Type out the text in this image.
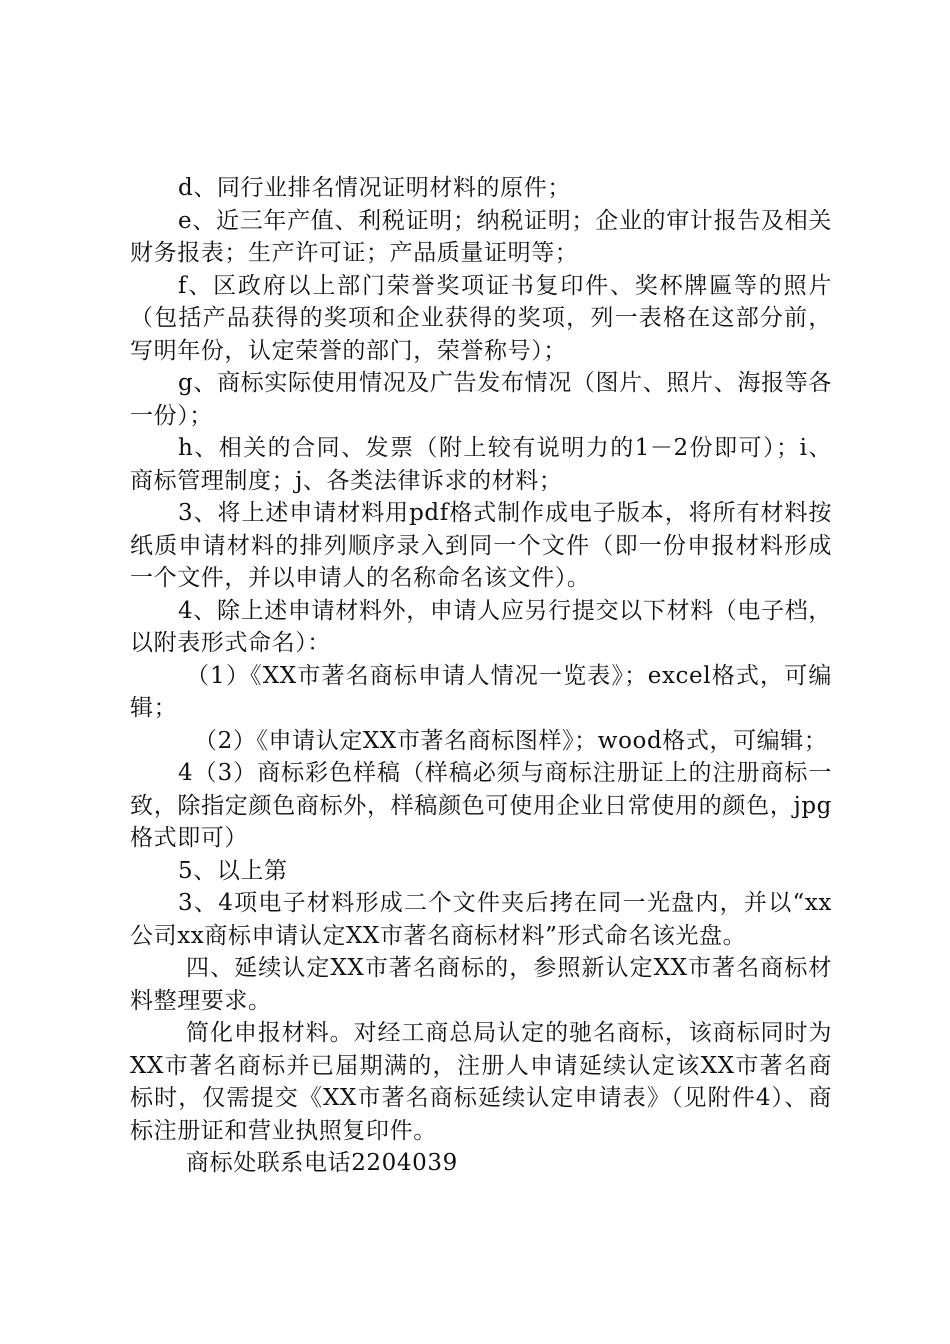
d、同行业排名情况证明材料的原件；

e、近三年产值、利税证明；纳税证明；企业的审计报告及相关财务报表；生产许可证；产品质量证明等；

f、区政府以上部门荣誉奖项证书复印件、奖杯牌匾等的照片（包括产品获得的奖项和企业获得的奖项，列一表格在这部分前，写明年份，认定荣誉的部门，荣誉称号）；

g、商标实际使用情况及广告发布情况（图片、照片、海报等各一份）；

h、相关的合同、发票（附上较有说明力的1－2份即可）；i、商标管理制度；j、各类法律诉求的材料；

3、将上述申请材料用pdf格式制作成电子版本，将所有材料按纸质申请材料的排列顺序录入到同一个文件（即一份申报材料形成一个文件，并以申请人的名称命名该文件）。

4、除上述申请材料外，申请人应另行提交以下材料（电子档，以附表形式命名）：

（1）《XX市著名商标申请人情况一览表》；excel格式，可编辑；

（2）《申请认定XX市著名商标图样》；wood格式，可编辑；

4（3）商标彩色样稿（样稿必须与商标注册证上的注册商标一致，除指定颜色商标外，样稿颜色可使用企业日常使用的颜色，jpg格式即可）

5、以上第

3、4项电子材料形成二个文件夹后拷在同一光盘内，并以“xx公司xx商标申请认定XX市著名商标材料”形式命名该光盘。

四、延续认定XX市著名商标的，参照新认定XX市著名商标材料整理要求。

简化申报材料。对经工商总局认定的驰名商标，该商标同时为XX市著名商标并已届期满的，注册人申请延续认定该XX市著名商标时，仅需提交《XX市著名商标延续认定申请表》（见附件4）、商标注册证和营业执照复印件。

商标处联系电话2204039
